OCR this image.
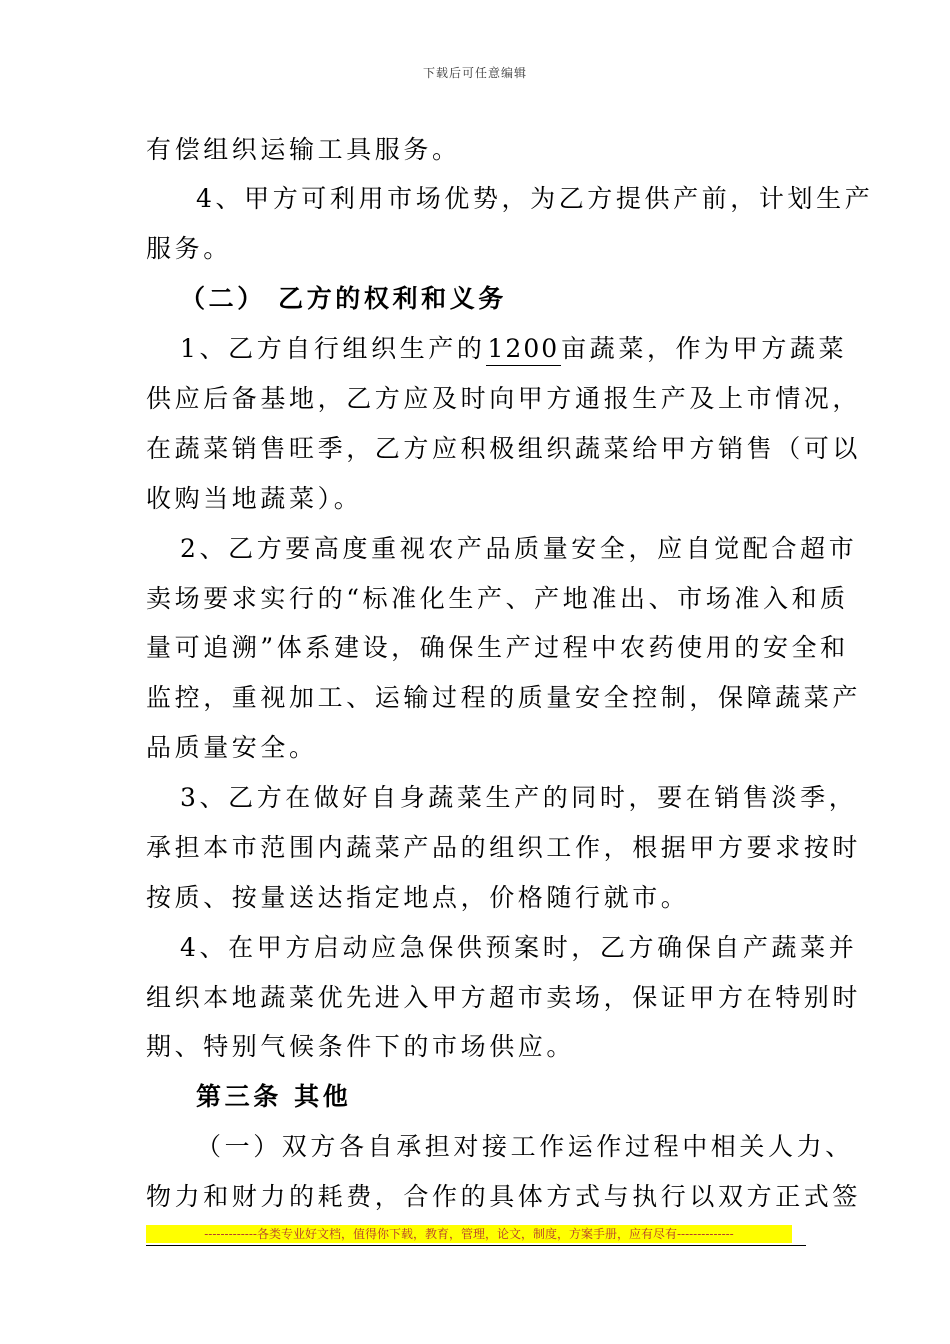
下载后可任意编辑
有偿组织运输工具服务。
4、甲方可利用市场优势，为乙方提供产前，计划生产
服务。
（二） 乙方的权利和义务
1、乙方自行组织生产的1200亩蔬菜，作为甲方蔬菜
供应后备基地，乙方应及时向甲方通报生产及上市情况，
在蔬菜销售旺季，乙方应积极组织蔬菜给甲方销售（可以
收购当地蔬菜）。
2、乙方要高度重视农产品质量安全，应自觉配合超市
卖场要求实行的“标准化生产、产地准出、市场准入和质
量可追溯”体系建设，确保生产过程中农药使用的安全和
监控，重视加工、运输过程的质量安全控制，保障蔬菜产
品质量安全。
3、乙方在做好自身蔬菜生产的同时，要在销售淡季，
承担本市范围内蔬菜产品的组织工作，根据甲方要求按时
按质、按量送达指定地点，价格随行就市。
4、在甲方启动应急保供预案时，乙方确保自产蔬菜并
组织本地蔬菜优先进入甲方超市卖场，保证甲方在特别时
期、特别气候条件下的市场供应。
第三条 其他
（一）双方各自承担对接工作运作过程中相关人力、
物力和财力的耗费，合作的具体方式与执行以双方正式签
-------------各类专业好文档，值得你下载，教育，管理，论文，制度，方案手册，应有尽有--------------
